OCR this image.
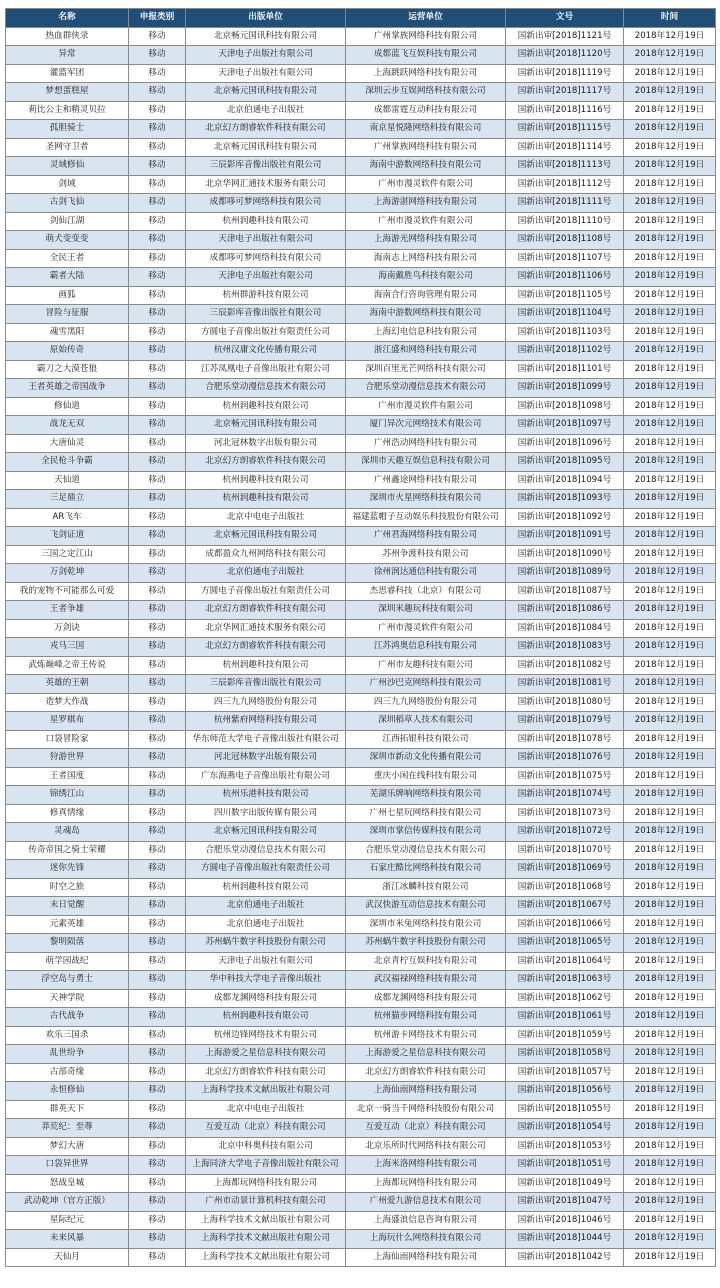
名称	申报类别	出版单位	运营单位	文号	时间
热血群侠录	移动	北京畅元国讯科技有限公司	广州掌族网络科技有限公司	国新出审[2018]1121号	2018年12月19日
异常	移动	天津电子出版社有限公司	成都蓝飞互娱科技有限公司	国新出审[2018]1120号	2018年12月19日
灌篮军团	移动	天津电子出版社有限公司	上海跳跃网络科技有限公司	国新出审[2018]1119号	2018年12月19日
梦想蛋糕屋	移动	北京畅元国讯科技有限公司	深圳云步互娱网络科技有限公司	国新出审[2018]1117号	2018年12月19日
莉比公主和精灵贝拉	移动	北京伯通电子出版社	成都雷霆互动科技有限公司	国新出审[2018]1116号	2018年12月19日
孤胆骑士	移动	北京幻方朗睿软件科技有限公司	南京星悦隆网络科技有限公司	国新出审[2018]1115号	2018年12月19日
圣网守卫者	移动	北京畅元国讯科技有限公司	广州掌族网络科技有限公司	国新出审[2018]1114号	2018年12月19日
灵域修仙	移动	三辰影库音像出版社有限公司	海南中游数网络科技有限公司	国新出审[2018]1113号	2018年12月19日
剑域	移动	北京华网汇通技术服务有限公司	广州市漫灵软件有限公司	国新出审[2018]1112号	2018年12月19日
古剑飞仙	移动	成都哆可梦网络科技有限公司	上海游湛网络科技有限公司	国新出审[2018]1111号	2018年12月19日
剑仙江湖	移动	杭州润趣科技有限公司	广州市漫灵软件有限公司	国新出审[2018]1110号	2018年12月19日
萌犬变变变	移动	天津电子出版社有限公司	上海游光网络科技有限公司	国新出审[2018]1108号	2018年12月19日
全民王者	移动	成都哆可梦网络科技有限公司	海南志上网络科技有限公司	国新出审[2018]1107号	2018年12月19日
霸者大陆	移动	天津电子出版社有限公司	海南戴胜鸟科技有限公司	国新出审[2018]1106号	2018年12月19日
画狐	移动	杭州群游科技有限公司	海南合行咨询管理有限公司	国新出审[2018]1105号	2018年12月19日
冒险与征服	移动	三辰影库音像出版社有限公司	海南中游数网络科技有限公司	国新出审[2018]1104号	2018年12月19日
魂雪黑阳	移动	方圆电子音像出版社有限责任公司	上海幻电信息科技有限公司	国新出审[2018]1103号	2018年12月19日
原始传奇	移动	杭州汉庸文化传播有限公司	浙江盛和网络科技有限公司	国新出审[2018]1102号	2018年12月19日
霸刀之大漠苍狼	移动	江苏凤凰电子音像出版社有限公司	深圳百里光芒网络科技有限公司	国新出审[2018]1101号	2018年12月19日
王者英雄之帝国战争	移动	合肥乐堂动漫信息技术有限公司	合肥乐堂动漫信息技术有限公司	国新出审[2018]1099号	2018年12月19日
修仙道	移动	杭州润趣科技有限公司	广州市漫灵软件有限公司	国新出审[2018]1098号	2018年12月19日
战龙无双	移动	北京畅元国讯科技有限公司	厦门异次元网络技术有限公司	国新出审[2018]1097号	2018年12月19日
大唐仙灵	移动	河北冠林数字出版有限公司	广州浩动网络科技有限公司	国新出审[2018]1096号	2018年12月19日
全民枪斗争霸	移动	北京幻方朗睿软件科技有限公司	深圳市天趣互娱信息科技有限公司	国新出审[2018]1095号	2018年12月19日
天仙道	移动	杭州润趣科技有限公司	广州鑫途网络科技有限公司	国新出审[2018]1094号	2018年12月19日
三足鼎立	移动	杭州润趣科技有限公司	深圳市火星网络科技有限公司	国新出审[2018]1093号	2018年12月19日
AR飞车	移动	北京中电电子出版社	福建蓝帽子互动娱乐科技股份有限公司	国新出审[2018]1092号	2018年12月19日
飞剑证道	移动	北京畅元国讯科技有限公司	广州君海网络科技有限公司	国新出审[2018]1091号	2018年12月19日
三国之定江山	移动	成都盈众九州网络科技有限公司	苏州争渡科技有限公司	国新出审[2018]1090号	2018年12月19日
万剑乾坤	移动	北京伯通电子出版社	徐州润达通信科技有限公司	国新出审[2018]1089号	2018年12月19日
我的宠物不可能那么可爱	移动	方圆电子音像出版社有限责任公司	杰思睿科技（北京）有限公司	国新出审[2018]1087号	2018年12月19日
王者争雄	移动	北京幻方朗睿软件科技有限公司	深圳米趣玩科技有限公司	国新出审[2018]1086号	2018年12月19日
万剑诀	移动	北京华网汇通技术服务有限公司	广州市漫灵软件有限公司	国新出审[2018]1084号	2018年12月19日
戎马三国	移动	北京幻方朗睿软件科技有限公司	江苏鸿奥信息科技有限公司	国新出审[2018]1083号	2018年12月19日
武炼巅峰之帝王传说	移动	杭州润趣科技有限公司	广州市友趣科技有限公司	国新出审[2018]1082号	2018年12月19日
英雄的王朝	移动	三辰影库音像出版社有限公司	广州沙巴克网络科技有限公司	国新出审[2018]1081号	2018年12月19日
造梦大作战	移动	四三九九网络股份有限公司	四三九九网络股份有限公司	国新出审[2018]1080号	2018年12月19日
星罗棋布	移动	杭州紫府网络科技有限公司	深圳稻草人技术有限公司	国新出审[2018]1079号	2018年12月19日
口袋冒险家	移动	华东师范大学电子音像出版社有限公司	江西拓银科技有限公司	国新出审[2018]1078号	2018年12月19日
狩游世界	移动	河北冠林数字出版有限公司	深圳市新动文化传播有限公司	国新出审[2018]1076号	2018年12月19日
王者国度	移动	广东海燕电子音像出版社有限公司	重庆小闲在线科技有限公司	国新出审[2018]1075号	2018年12月19日
锦绣江山	移动	杭州乐港科技有限公司	芜湖乐牌响网络科技有限公司	国新出审[2018]1074号	2018年12月19日
修真情缘	移动	四川数字出版传媒有限公司	广州七星玩网络科技有限公司	国新出审[2018]1073号	2018年12月19日
灵魂岛	移动	北京畅元国讯科技有限公司	深圳市掌信传媒科技有限公司	国新出审[2018]1072号	2018年12月19日
传奇帝国之骑士荣耀	移动	合肥乐堂动漫信息技术有限公司	合肥乐堂动漫信息技术有限公司	国新出审[2018]1070号	2018年12月19日
迷你先锋	移动	方圆电子音像出版社有限责任公司	石家庄酷比网络科技有限公司	国新出审[2018]1069号	2018年12月19日
时空之旅	移动	杭州润趣科技有限公司	浙江冰麟科技有限公司	国新出审[2018]1068号	2018年12月19日
末日觉醒	移动	北京伯通电子出版社	武汉快游互动信息技术有限公司	国新出审[2018]1067号	2018年12月19日
元素英雄	移动	北京伯通电子出版社	深圳市米兔网络科技有限公司	国新出审[2018]1066号	2018年12月19日
黎明陨落	移动	苏州蜗牛数字科技股份有限公司	苏州蜗牛数字科技股份有限公司	国新出审[2018]1065号	2018年12月19日
萌学园战纪	移动	天津电子出版社有限公司	北京青柠互娱科技有限公司	国新出审[2018]1064号	2018年12月19日
浮空岛与勇士	移动	华中科技大学电子音像出版社	武汉福禄网络科技有限公司	国新出审[2018]1063号	2018年12月19日
天神学院	移动	成都龙渊网络科技有限公司	成都龙渊网络科技有限公司	国新出审[2018]1062号	2018年12月19日
古代战争	移动	杭州润趣科技有限公司	杭州猫步网络科技有限公司	国新出审[2018]1061号	2018年12月19日
欢乐三国杀	移动	杭州边锋网络技术有限公司	杭州游卡网络技术有限公司	国新出审[2018]1059号	2018年12月19日
乱世纷争	移动	上海游爱之星信息科技有限公司	上海游爱之星信息科技有限公司	国新出审[2018]1058号	2018年12月19日
古部奇缘	移动	北京幻方朗睿软件科技有限公司	北京幻方朗睿软件科技有限公司	国新出审[2018]1057号	2018年12月19日
永恒修仙	移动	上海科学技术文献出版社有限公司	上海仙雨网络科技有限公司	国新出审[2018]1056号	2018年12月19日
群英天下	移动	北京中电电子出版社	北京一骑当千网络科技股份有限公司	国新出审[2018]1055号	2018年12月19日
莽荒纪：至尊	移动	互爱互动（北京）科技有限公司	互爱互动（北京）科技有限公司	国新出审[2018]1054号	2018年12月19日
梦幻大唐	移动	北京中科奥科技有限公司	北京乐所时代网络科技有限公司	国新出审[2018]1053号	2018年12月19日
口袋异世界	移动	上海同济大学电子音像出版社有限公司	上海米洛网络科技有限公司	国新出审[2018]1051号	2018年12月19日
怒战皇城	移动	上海都玩网络科技有限公司	上海都玩网络科技有限公司	国新出审[2018]1049号	2018年12月19日
武动乾坤（官方正版）	移动	广州市动景计算机科技有限公司	广州爱九游信息技术有限公司	国新出审[2018]1047号	2018年12月19日
星际纪元	移动	上海科学技术文献出版社有限公司	上海盛浪信息咨询有限公司	国新出审[2018]1046号	2018年12月19日
未来风暴	移动	上海科学技术文献出版社有限公司	上海玩什么网络科技有限公司	国新出审[2018]1044号	2018年12月19日
天仙月	移动	上海科学技术文献出版社有限公司	上海仙雨网络科技有限公司	国新出审[2018]1042号	2018年12月19日
